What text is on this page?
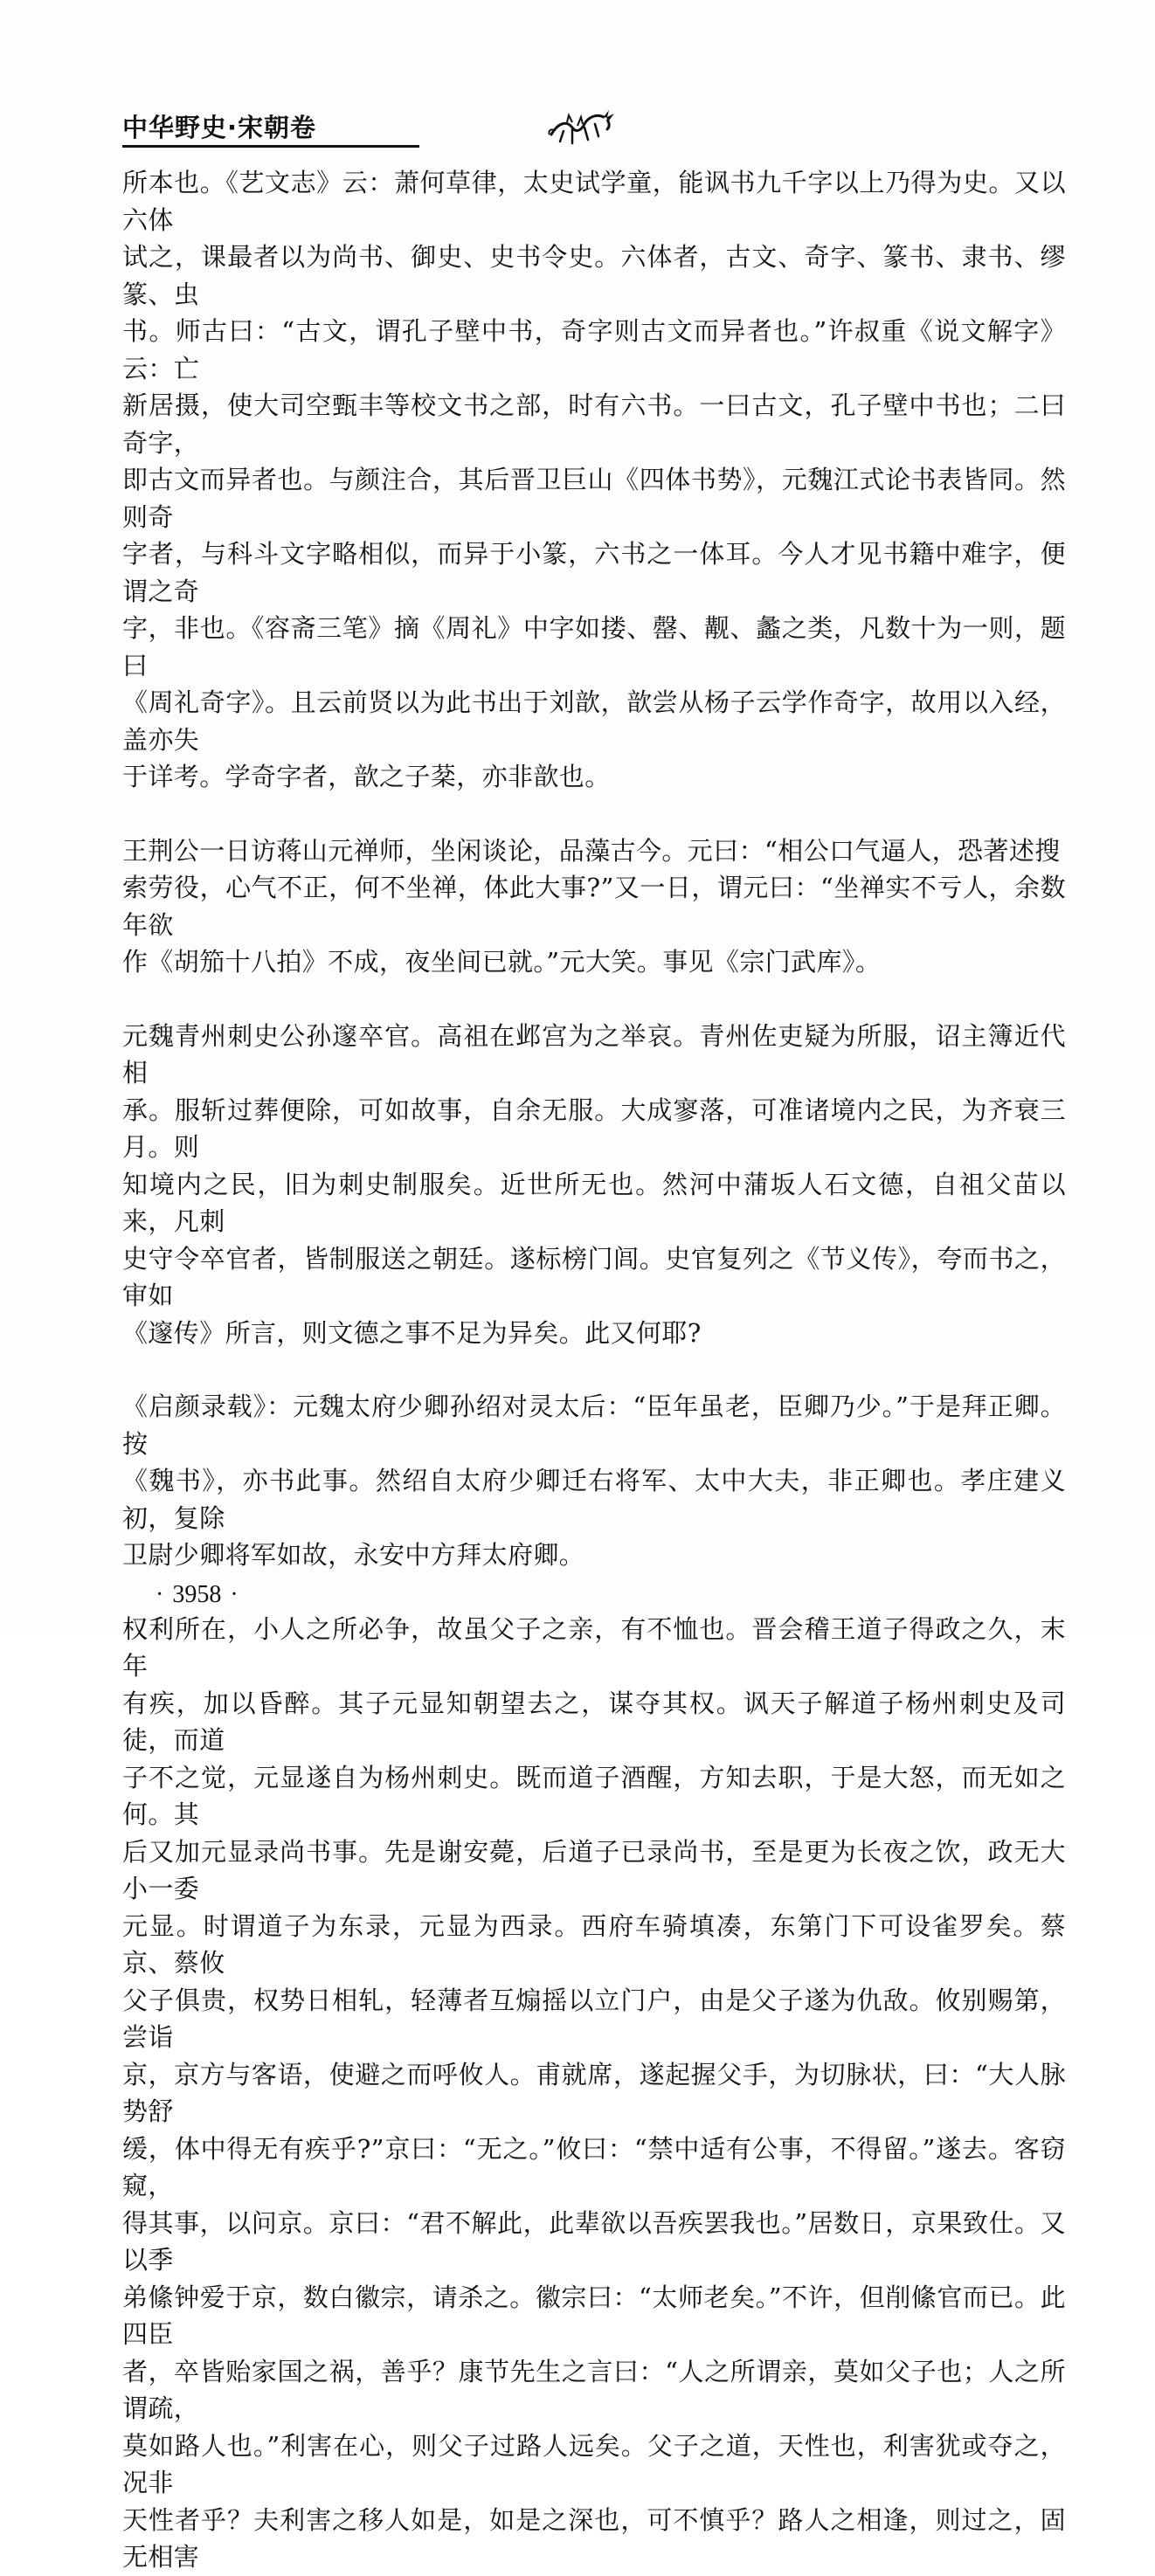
中华野史·宋朝卷

所本也。《艺文志》云：萧何草律，太史试学童，能讽书九千字以上乃得为史。又以六体
试之，课最者以为尚书、御史、史书令史。六体者，古文、奇字、篆书、隶书、缪篆、虫
书。师古曰：“古文，谓孔子壁中书，奇字则古文而异者也。”许叔重《说文解字》云：亡
新居摄，使大司空甄丰等校文书之部，时有六书。一曰古文，孔子壁中书也；二曰奇字，
即古文而异者也。与颜注合，其后晋卫巨山《四体书势》，元魏江式论书表皆同。然则奇
字者，与科斗文字略相似，而异于小篆，六书之一体耳。今人才见书籍中难字，便谓之奇
字，非也。《容斋三笔》摘《周礼》中字如搂、罄、觏、蠡之类，凡数十为一则，题曰
《周礼奇字》。且云前贤以为此书出于刘歆，歆尝从杨子云学作奇字，故用以入经，盖亦失
于详考。学奇字者，歆之子棻，亦非歆也。

王荆公一日访蒋山元禅师，坐闲谈论，品藻古今。元曰：“相公口气逼人，恐著述搜
索劳役，心气不正，何不坐禅，体此大事?”又一日，谓元曰：“坐禅实不亏人，余数年欲
作《胡笳十八拍》不成，夜坐间已就。”元大笑。事见《宗门武库》。

元魏青州刺史公孙邃卒官。高祖在邺宫为之举哀。青州佐吏疑为所服，诏主簿近代相
承。服斩过葬便除，可如故事，自余无服。大成寥落，可准诸境内之民，为齐衰三月。则
知境内之民，旧为刺史制服矣。近世所无也。然河中蒲坂人石文德，自祖父苗以来，凡刺
史守令卒官者，皆制服送之朝廷。遂标榜门闾。史官复列之《节义传》，夸而书之，审如
《邃传》所言，则文德之事不足为异矣。此又何耶?

《启颜录载》：元魏太府少卿孙绍对灵太后：“臣年虽老，臣卿乃少。”于是拜正卿。按
《魏书》，亦书此事。然绍自太府少卿迁右将军、太中大夫，非正卿也。孝庄建义初，复除
卫尉少卿将军如故，永安中方拜太府卿。

权利所在，小人之所必争，故虽父子之亲，有不恤也。晋会稽王道子得政之久，末年
有疾，加以昏醉。其子元显知朝望去之，谋夺其权。讽天子解道子杨州刺史及司徒，而道
子不之觉，元显遂自为杨州刺史。既而道子酒醒，方知去职，于是大怒，而无如之何。其
后又加元显录尚书事。先是谢安薨，后道子已录尚书，至是更为长夜之饮，政无大小一委
元显。时谓道子为东录，元显为西录。西府车骑填凑，东第门下可设雀罗矣。蔡京、蔡攸
父子俱贵，权势日相轧，轻薄者互煽摇以立门户，由是父子遂为仇敌。攸别赐第，尝诣
京，京方与客语，使避之而呼攸人。甫就席，遂起握父手，为切脉状，曰：“大人脉势舒
缓，体中得无有疾乎?”京曰：“无之。”攸曰：“禁中适有公事，不得留。”遂去。客窃窥，
得其事，以问京。京曰：“君不解此，此辈欲以吾疾罢我也。”居数日，京果致仕。又以季
弟絛钟爱于京，数白徽宗，请杀之。徽宗曰：“太师老矣。”不许，但削絛官而已。此四臣
者，卒皆贻家国之祸，善乎？康节先生之言曰：“人之所谓亲，莫如父子也；人之所谓疏，
莫如路人也。”利害在心，则父子过路人远矣。父子之道，天性也，利害犹或夺之，况非
天性者乎？夫利害之移人如是，如是之深也，可不慎乎？路人之相逢，则过之，固无相害

· 3958 ·
